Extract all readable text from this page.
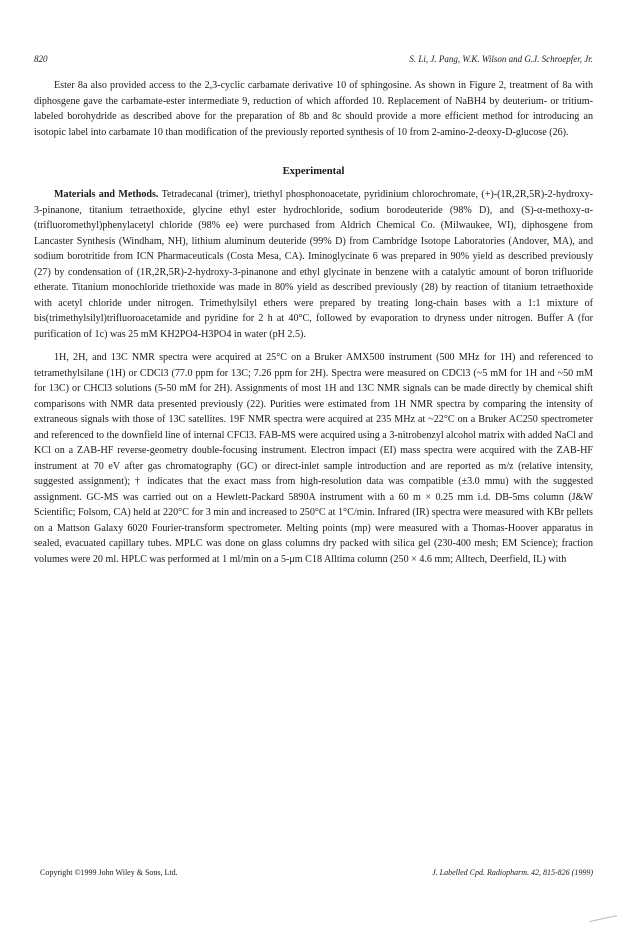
820	S. Li, J. Pang, W.K. Wilson and G.J. Schroepfer, Jr.

Ester 8a also provided access to the 2,3-cyclic carbamate derivative 10 of sphingosine. As shown in Figure 2, treatment of 8a with diphosgene gave the carbamate-ester intermediate 9, reduction of which afforded 10. Replacement of NaBH4 by deuterium- or tritium-labeled borohydride as described above for the preparation of 8b and 8c should provide a more efficient method for introducing an isotopic label into carbamate 10 than modification of the previously reported synthesis of 10 from 2-amino-2-deoxy-D-glucose (26).

Experimental

Materials and Methods. Tetradecanal (trimer), triethyl phosphonoacetate, pyridinium chlorochromate, (+)-(1R,2R,5R)-2-hydroxy-3-pinanone, titanium tetraethoxide, glycine ethyl ester hydrochloride, sodium borodeuteride (98% D), and (S)-α-methoxy-α-(trifluoromethyl)phenylacetyl chloride (98% ee) were purchased from Aldrich Chemical Co. (Milwaukee, WI), diphosgene from Lancaster Synthesis (Windham, NH), lithium aluminum deuteride (99% D) from Cambridge Isotope Laboratories (Andover, MA), and sodium borotritide from ICN Pharmaceuticals (Costa Mesa, CA). Iminoglycinate 6 was prepared in 90% yield as described previously (27) by condensation of (1R,2R,5R)-2-hydroxy-3-pinanone and ethyl glycinate in benzene with a catalytic amount of boron trifluoride etherate. Titanium monochloride triethoxide was made in 80% yield as described previously (28) by reaction of titanium tetraethoxide with acetyl chloride under nitrogen. Trimethylsilyl ethers were prepared by treating long-chain bases with a 1:1 mixture of bis(trimethylsilyl)trifluoroacetamide and pyridine for 2 h at 40°C, followed by evaporation to dryness under nitrogen. Buffer A (for purification of 1c) was 25 mM KH2PO4-H3PO4 in water (pH 2.5).

1H, 2H, and 13C NMR spectra were acquired at 25°C on a Bruker AMX500 instrument (500 MHz for 1H) and referenced to tetramethylsilane (1H) or CDCl3 (77.0 ppm for 13C; 7.26 ppm for 2H). Spectra were measured on CDCl3 (~5 mM for 1H and ~50 mM for 13C) or CHCl3 solutions (5-50 mM for 2H). Assignments of most 1H and 13C NMR signals can be made directly by chemical shift comparisons with NMR data presented previously (22). Purities were estimated from 1H NMR spectra by comparing the intensity of extraneous signals with those of 13C satellites. 19F NMR spectra were acquired at 235 MHz at ~22°C on a Bruker AC250 spectrometer and referenced to the downfield line of internal CFCl3. FAB-MS were acquired using a 3-nitrobenzyl alcohol matrix with added NaCl and KCl on a ZAB-HF reverse-geometry double-focusing instrument. Electron impact (EI) mass spectra were acquired with the ZAB-HF instrument at 70 eV after gas chromatography (GC) or direct-inlet sample introduction and are reported as m/z (relative intensity, suggested assignment); † indicates that the exact mass from high-resolution data was compatible (±3.0 mmu) with the suggested assignment. GC-MS was carried out on a Hewlett-Packard 5890A instrument with a 60 m × 0.25 mm i.d. DB-5ms column (J&W Scientific; Folsom, CA) held at 220°C for 3 min and increased to 250°C at 1°C/min. Infrared (IR) spectra were measured with KBr pellets on a Mattson Galaxy 6020 Fourier-transform spectrometer. Melting points (mp) were measured with a Thomas-Hoover apparatus in sealed, evacuated capillary tubes. MPLC was done on glass columns dry packed with silica gel (230-400 mesh; EM Science); fraction volumes were 20 ml. HPLC was performed at 1 ml/min on a 5-μm C18 Alltima column (250 × 4.6 mm; Alltech, Deerfield, IL) with

Copyright ©1999 John Wiley & Sons, Ltd.	J. Labelled Cpd. Radiopharm. 42, 815-826 (1999)
